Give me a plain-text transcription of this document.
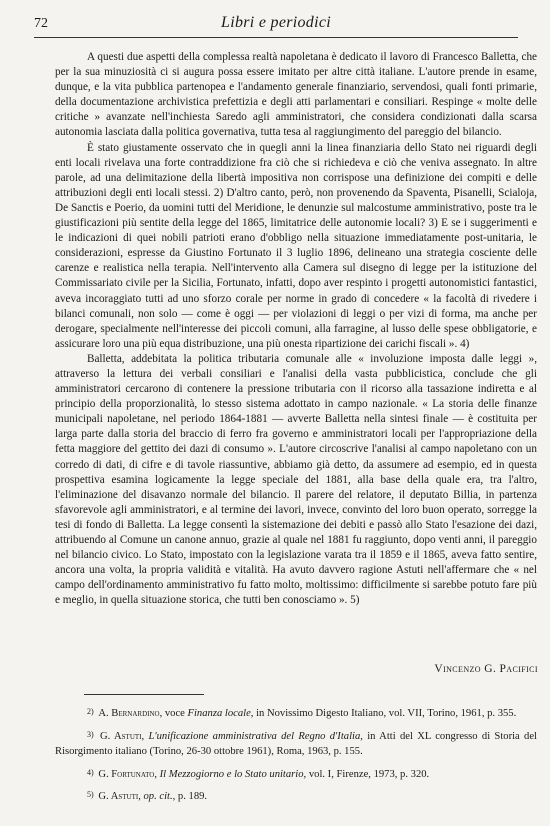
72	Libri e periodici

A questi due aspetti della complessa realtà napoletana è dedicato il lavoro di Francesco Balletta, che per la sua minuziosità ci si augura possa essere imitato per altre città italiane. L'autore prende in esame, dunque, e la vita pubblica partenopea e l'andamento generale finanziario, servendosi, quali fonti primarie, della documentazione archivistica prefettizia e degli atti parlamentari e consiliari. Respinge « molte delle critiche » avanzate nell'inchiesta Saredo agli amministratori, che considera condizionati dalla scarsa autonomia lasciata dalla politica governativa, tutta tesa al raggiungimento del pareggio del bilancio.

È stato giustamente osservato che in quegli anni la linea finanziaria dello Stato nei riguardi degli enti locali rivelava una forte contraddizione fra ciò che si richiedeva e ciò che veniva assegnato. In altre parole, ad una delimitazione della libertà impositiva non corrispose una definizione dei compiti e delle attribuzioni degli enti locali stessi. 2) D'altro canto, però, non provenendo da Spaventa, Pisanelli, Scialoja, De Sanctis e Poerio, da uomini tutti del Meridione, le denunzie sul malcostume amministrativo, poste tra le giustificazioni più sentite della legge del 1865, limitatrice delle autonomie locali? 3) E se i suggerimenti e le indicazioni di quei nobili patrioti erano d'obbligo nella situazione immediatamente post-unitaria, le considerazioni, espresse da Giustino Fortunato il 3 luglio 1896, delineano una strategia cosciente delle carenze e realistica nella terapia. Nell'intervento alla Camera sul disegno di legge per la istituzione del Commissariato civile per la Sicilia, Fortunato, infatti, dopo aver respinto i progetti autonomistici fantastici, aveva incoraggiato tutti ad uno sforzo corale per norme in grado di concedere « la facoltà di rivedere i bilanci comunali, non solo — come è oggi — per violazioni di leggi o per vizi di forma, ma anche per derogare, specialmente nell'interesse dei piccoli comuni, alla farragine, al lusso delle spese obbligatorie, e assicurare loro una più equa distribuzione, una più onesta ripartizione dei carichi fiscali ». 4)

Balletta, addebitata la politica tributaria comunale alle « involuzione imposta dalle leggi », attraverso la lettura dei verbali consiliari e l'analisi della vasta pubblicistica, conclude che gli amministratori cercarono di contenere la pressione tributaria con il ricorso alla tassazione indiretta e al principio della proporzionalità, lo stesso sistema adottato in campo nazionale. « La storia delle finanze municipali napoletane, nel periodo 1864-1881 — avverte Balletta nella sintesi finale — è costituita per larga parte dalla storia del braccio di ferro fra governo e amministratori locali per l'appropriazione della fetta maggiore del gettito dei dazi di consumo ». L'autore circoscrive l'analisi al campo napoletano con un corredo di dati, di cifre e di tavole riassuntive, abbiamo già detto, da assumere ad esempio, ed in questa prospettiva esamina logicamente la legge speciale del 1881, alla base della quale era, tra l'altro, l'eliminazione del disavanzo normale del bilancio. Il parere del relatore, il deputato Billia, in partenza sfavorevole agli amministratori, e al termine dei lavori, invece, convinto del loro buon operato, sorregge la tesi di fondo di Balletta. La legge consentì la sistemazione dei debiti e passò allo Stato l'esazione dei dazi, attribuendo al Comune un canone annuo, grazie al quale nel 1881 fu raggiunto, dopo venti anni, il pareggio nel bilancio civico. Lo Stato, impostato con la legislazione varata tra il 1859 e il 1865, aveva fatto sentire, ancora una volta, la propria validità e vitalità. Ha avuto davvero ragione Astuti nell'affermare che « nel campo dell'ordinamento amministrativo fu fatto molto, moltissimo: difficilmente si sarebbe potuto fare più e meglio, in quella situazione storica, che tutti ben conosciamo ». 5)

Vincenzo G. Pacifici

2) A. Bernardino, voce Finanza locale, in Novissimo Digesto Italiano, vol. VII, Torino, 1961, p. 355.

3) G. Astuti, L'unificazione amministrativa del Regno d'Italia, in Atti del XL congresso di Storia del Risorgimento italiano (Torino, 26-30 ottobre 1961), Roma, 1963, p. 155.

4) G. Fortunato, Il Mezzogiorno e lo Stato unitario, vol. I, Firenze, 1973, p. 320.

5) G. Astuti, op. cit., p. 189.
